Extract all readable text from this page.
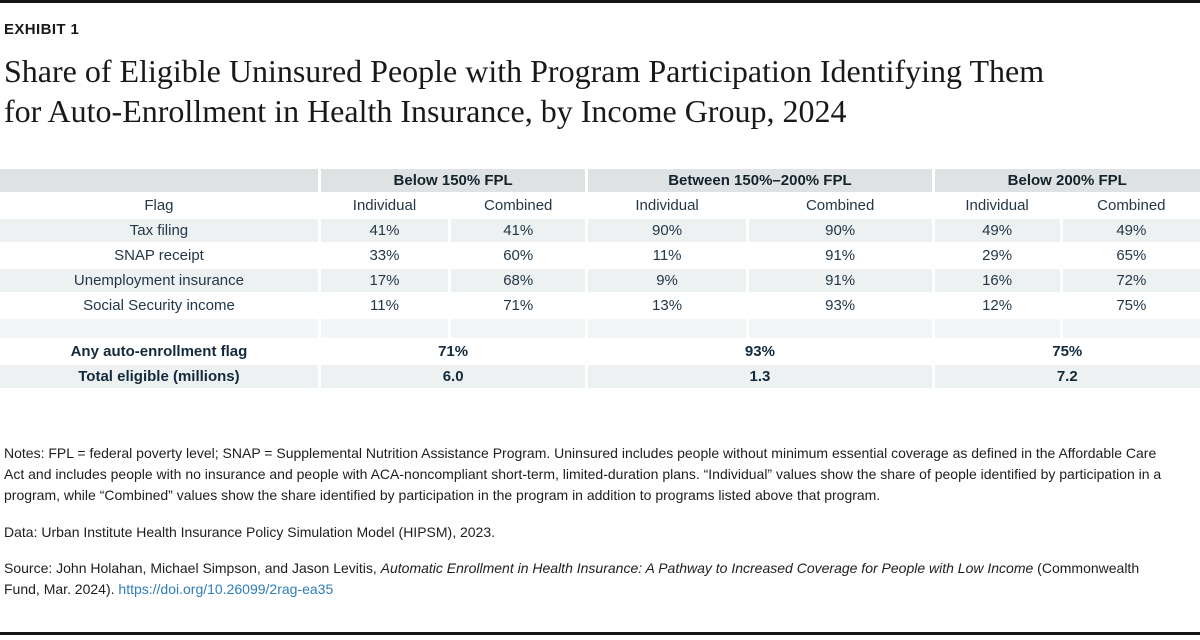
EXHIBIT 1
Share of Eligible Uninsured People with Program Participation Identifying Them
for Auto-Enrollment in Health Insurance, by Income Group, 2024
	Below 150% FPL		Between 150%–200% FPL		Below 200% FPL	
Flag	Individual	Combined	Individual	Combined	Individual	Combined
Tax filing	41%	41%	90%	90%	49%	49%
SNAP receipt	33%	60%	11%	91%	29%	65%
Unemployment insurance	17%	68%	9%	91%	16%	72%
Social Security income	11%	71%	13%	93%	12%	75%

Any auto-enrollment flag	71%		93%		75%	
Total eligible (millions)	6.0		1.3		7.2	
Notes: FPL = federal poverty level; SNAP = Supplemental Nutrition Assistance Program. Uninsured includes people without minimum essential coverage as defined in the Affordable Care Act and includes people with no insurance and people with ACA-noncompliant short-term, limited-duration plans. “Individual” values show the share of people identified by participation in a program, while “Combined” values show the share identified by participation in the program in addition to programs listed above that program.
Data: Urban Institute Health Insurance Policy Simulation Model (HIPSM), 2023.
Source: John Holahan, Michael Simpson, and Jason Levitis, Automatic Enrollment in Health Insurance: A Pathway to Increased Coverage for People with Low Income (Commonwealth Fund, Mar. 2024). https://doi.org/10.26099/2rag-ea35
